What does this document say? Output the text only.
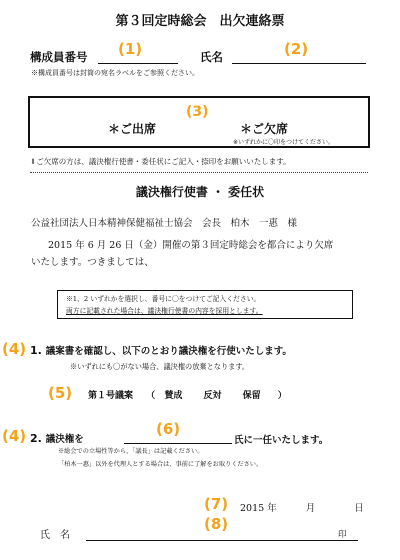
第３回定時総会　出欠連絡票
構成員番号 (1)	氏名	(2)
※構成員番号は封筒の宛名ラベルをご参照ください。
(3)
＊ご出席	＊ご欠席
※いずれかに〇印をつけてください。
⇓ご欠席の方は、議決権行使書・委任状にご記入・捺印をお願いいたします。
議決権行使書 ・ 委任状
公益社団法人日本精神保健福祉士協会　会長　柏木　一惠　様
2015 年 6 月 26 日（金）開催の第３回定時総会を都合により欠席
いたします。つきましては、
※1、2 いずれかを選択し、番号に〇をつけてご記入ください。
両方に記載された場合は、議決権行使書の内容を採用とします。
(4) 1. 議案書を確認し、以下のとおり議決権を行使いたします。
※いずれにも〇がない場合、議決権の放棄となります。
(5) 第１号議案 （ 賛成 反対 保留 ）
(4) 2. 議決権を
(6)
氏に一任いたします。
※総会での立場性等から、「議長」は記載ください。
「柏木一惠」以外を代理人とする場合は、事前に了解をお取りください。
(7) 2015 年	月	日
(8)
氏　名	印
